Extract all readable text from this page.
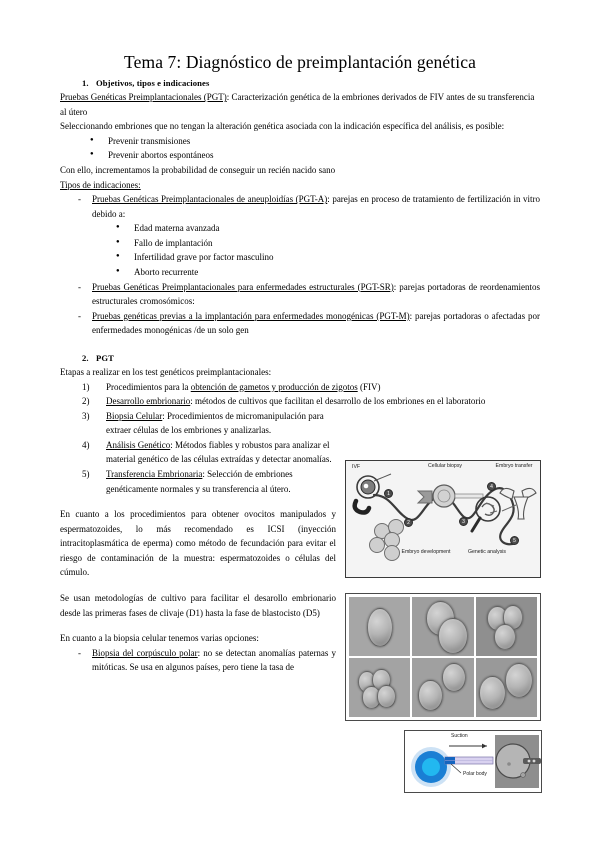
Tema 7: Diagnóstico de preimplantación genética
1. Objetivos, tipos e indicaciones

Pruebas Genéticas Preimplantacionales (PGT): Caracterización genética de la embriones derivados de FIV antes de su transferencia al útero

Seleccionando embriones que no tengan la alteración genética asociada con la indicación específica del análisis, es posible:

● Prevenir transmisiones
● Prevenir abortos espontáneos

Con ello, incrementamos la probabilidad de conseguir un recién nacido sano

Tipos de indicaciones:

- Pruebas Genéticas Preimplantacionales de aneuploidías (PGT-A): parejas en proceso de tratamiento de fertilización in vitro debido a:
● Edad materna avanzada
● Fallo de implantación
● Infertilidad grave por factor masculino
● Aborto recurrente
- Pruebas Genéticas Preimplantacionales para enfermedades estructurales (PGT-SR): parejas portadoras de reordenamientos estructurales cromosómicos:
- Pruebas genéticas previas a la implantación para enfermedades monogénicas (PGT-M): parejas portadoras o afectadas por enfermedades monogénicas /de un solo gen
2. PGT

Etapas a realizar en los test genéticos preimplantacionales:

1)	Procedimientos para la obtención de gametos y producción de zigotos (FIV)
2)	Desarrollo embrionario: métodos de cultivos que facilitan el desarrollo de los embriones en el laboratorio
3)	Biopsia Celular: Procedimientos de micromanipulación para extraer células de los embriones y analizarlas.
4)	Análisis Genético: Métodos fiables y robustos para analizar el material genético de las células extraídas y detectar anomalías.
5)	Transferencia Embrionaria: Selección de embriones genéticamente normales y su transferencia al útero.

En cuanto a los procedimientos para obtener ovocitos manipulados y espermatozoides, lo más recomendado es ICSI (inyección intracitoplasmática de eperma) como método de fecundación para evitar el riesgo de contaminación de la muestra: espermatozoides o células del cúmulo.

Se usan metodologías de cultivo para facilitar el desarollo embrionario desde las primeras fases de clivaje (D1) hasta la fase de blastocisto (D5)

En cuanto a la biopsia celular tenemos varias opciones:

- Biopsia del corpúsculo polar: no se detectan anomalías paternas y mitóticas. Se usa en algunos países, pero tiene la tasa de
IVF	Cellular biopsy	Embryo transfer
Embryo development	Genetic analysis
1
2	3
4
5
Suction
Polar body
